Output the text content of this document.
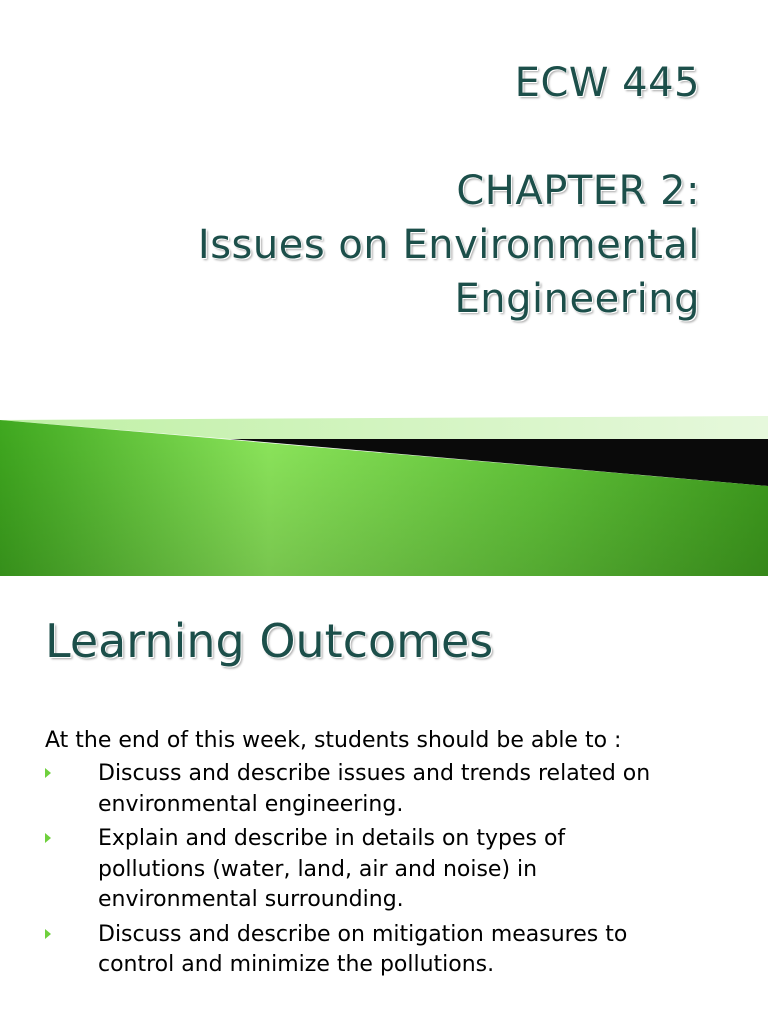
ECW 445
CHAPTER 2:
Issues on Environmental
Engineering
Learning Outcomes

At the end of this week, students should be able to :

Discuss and describe issues and trends related on
environmental engineering.
Explain and describe in details on types of
pollutions (water, land, air and noise) in
environmental surrounding.
Discuss and describe on mitigation measures to
control and minimize the pollutions.
